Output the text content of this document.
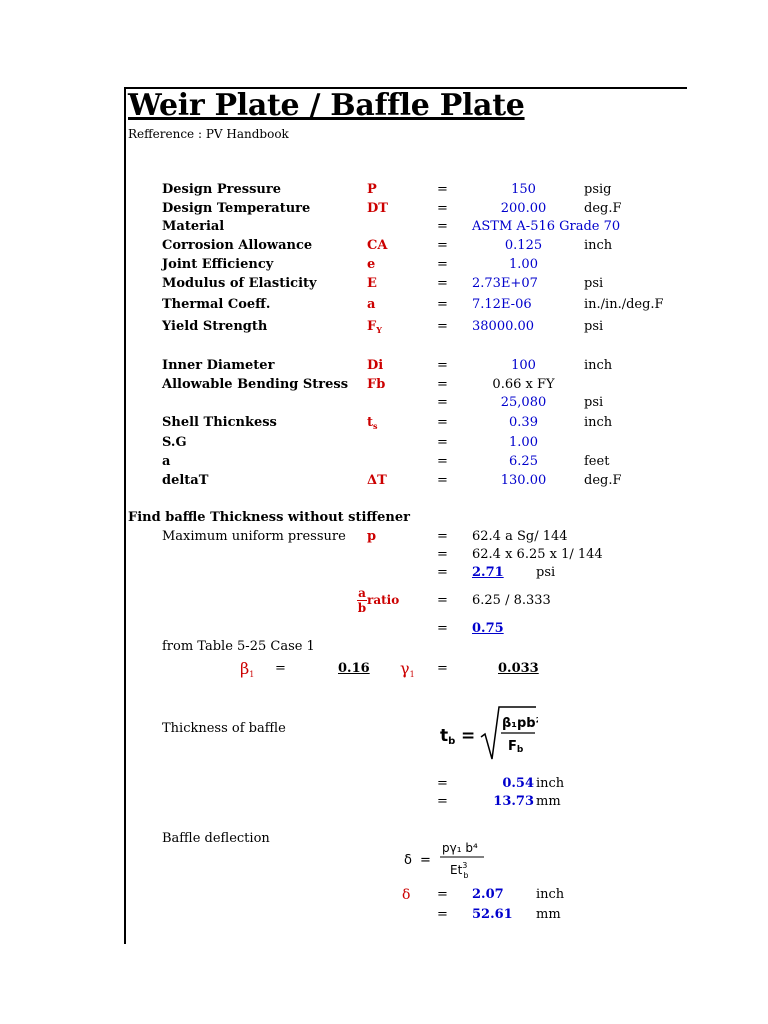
Weir Plate / Baffle Plate
Refference : PV Handbook
Design Pressure	P	=	150	psig
Design Temperature	DT	=	200.00	deg.F
Material	= ASTM A-516 Grade 70
Corrosion Allowance	CA	=	0.125	inch
Joint Efficiency	e	=	1.00
Modulus of Elasticity	E	= 2.73E+07	psi
Thermal Coeff.	a	= 7.12E-06	in./in./deg.F
Yield Strength	$F_Y$	= 38000.00	psi
Inner Diameter	Di	=	100	inch
Allowable Bending Stress Fb	=	0.66 x FY
=	25,080	psi
Shell Thicnkess	$t_s$	=	0.39	inch
S.G	=	1.00
a	=	6.25	feet
deltaT	ΔT	=	130.00	deg.F
Find baffle Thickness without stiffener
Maximum uniform pressure p	= 62.4 a Sg/ 144
= 62.4 x 6.25 x 1/ 144
= 2.71 psi
$\frac{a}{b}$ ratio	= 6.25 / 8.333
= 0.75
from Table 5-25 Case 1
$\beta_1$ =	0.16 $\gamma_1$ =	0.033
Thickness of baffle	tb =
β₁pb²
Fb
=	0.54 inch
=	13.73 mm
Baffle deflection
δ =
pγ₁ b⁴
Et$^3$ b
δ = 2.07 inch
= 52.61 mm
